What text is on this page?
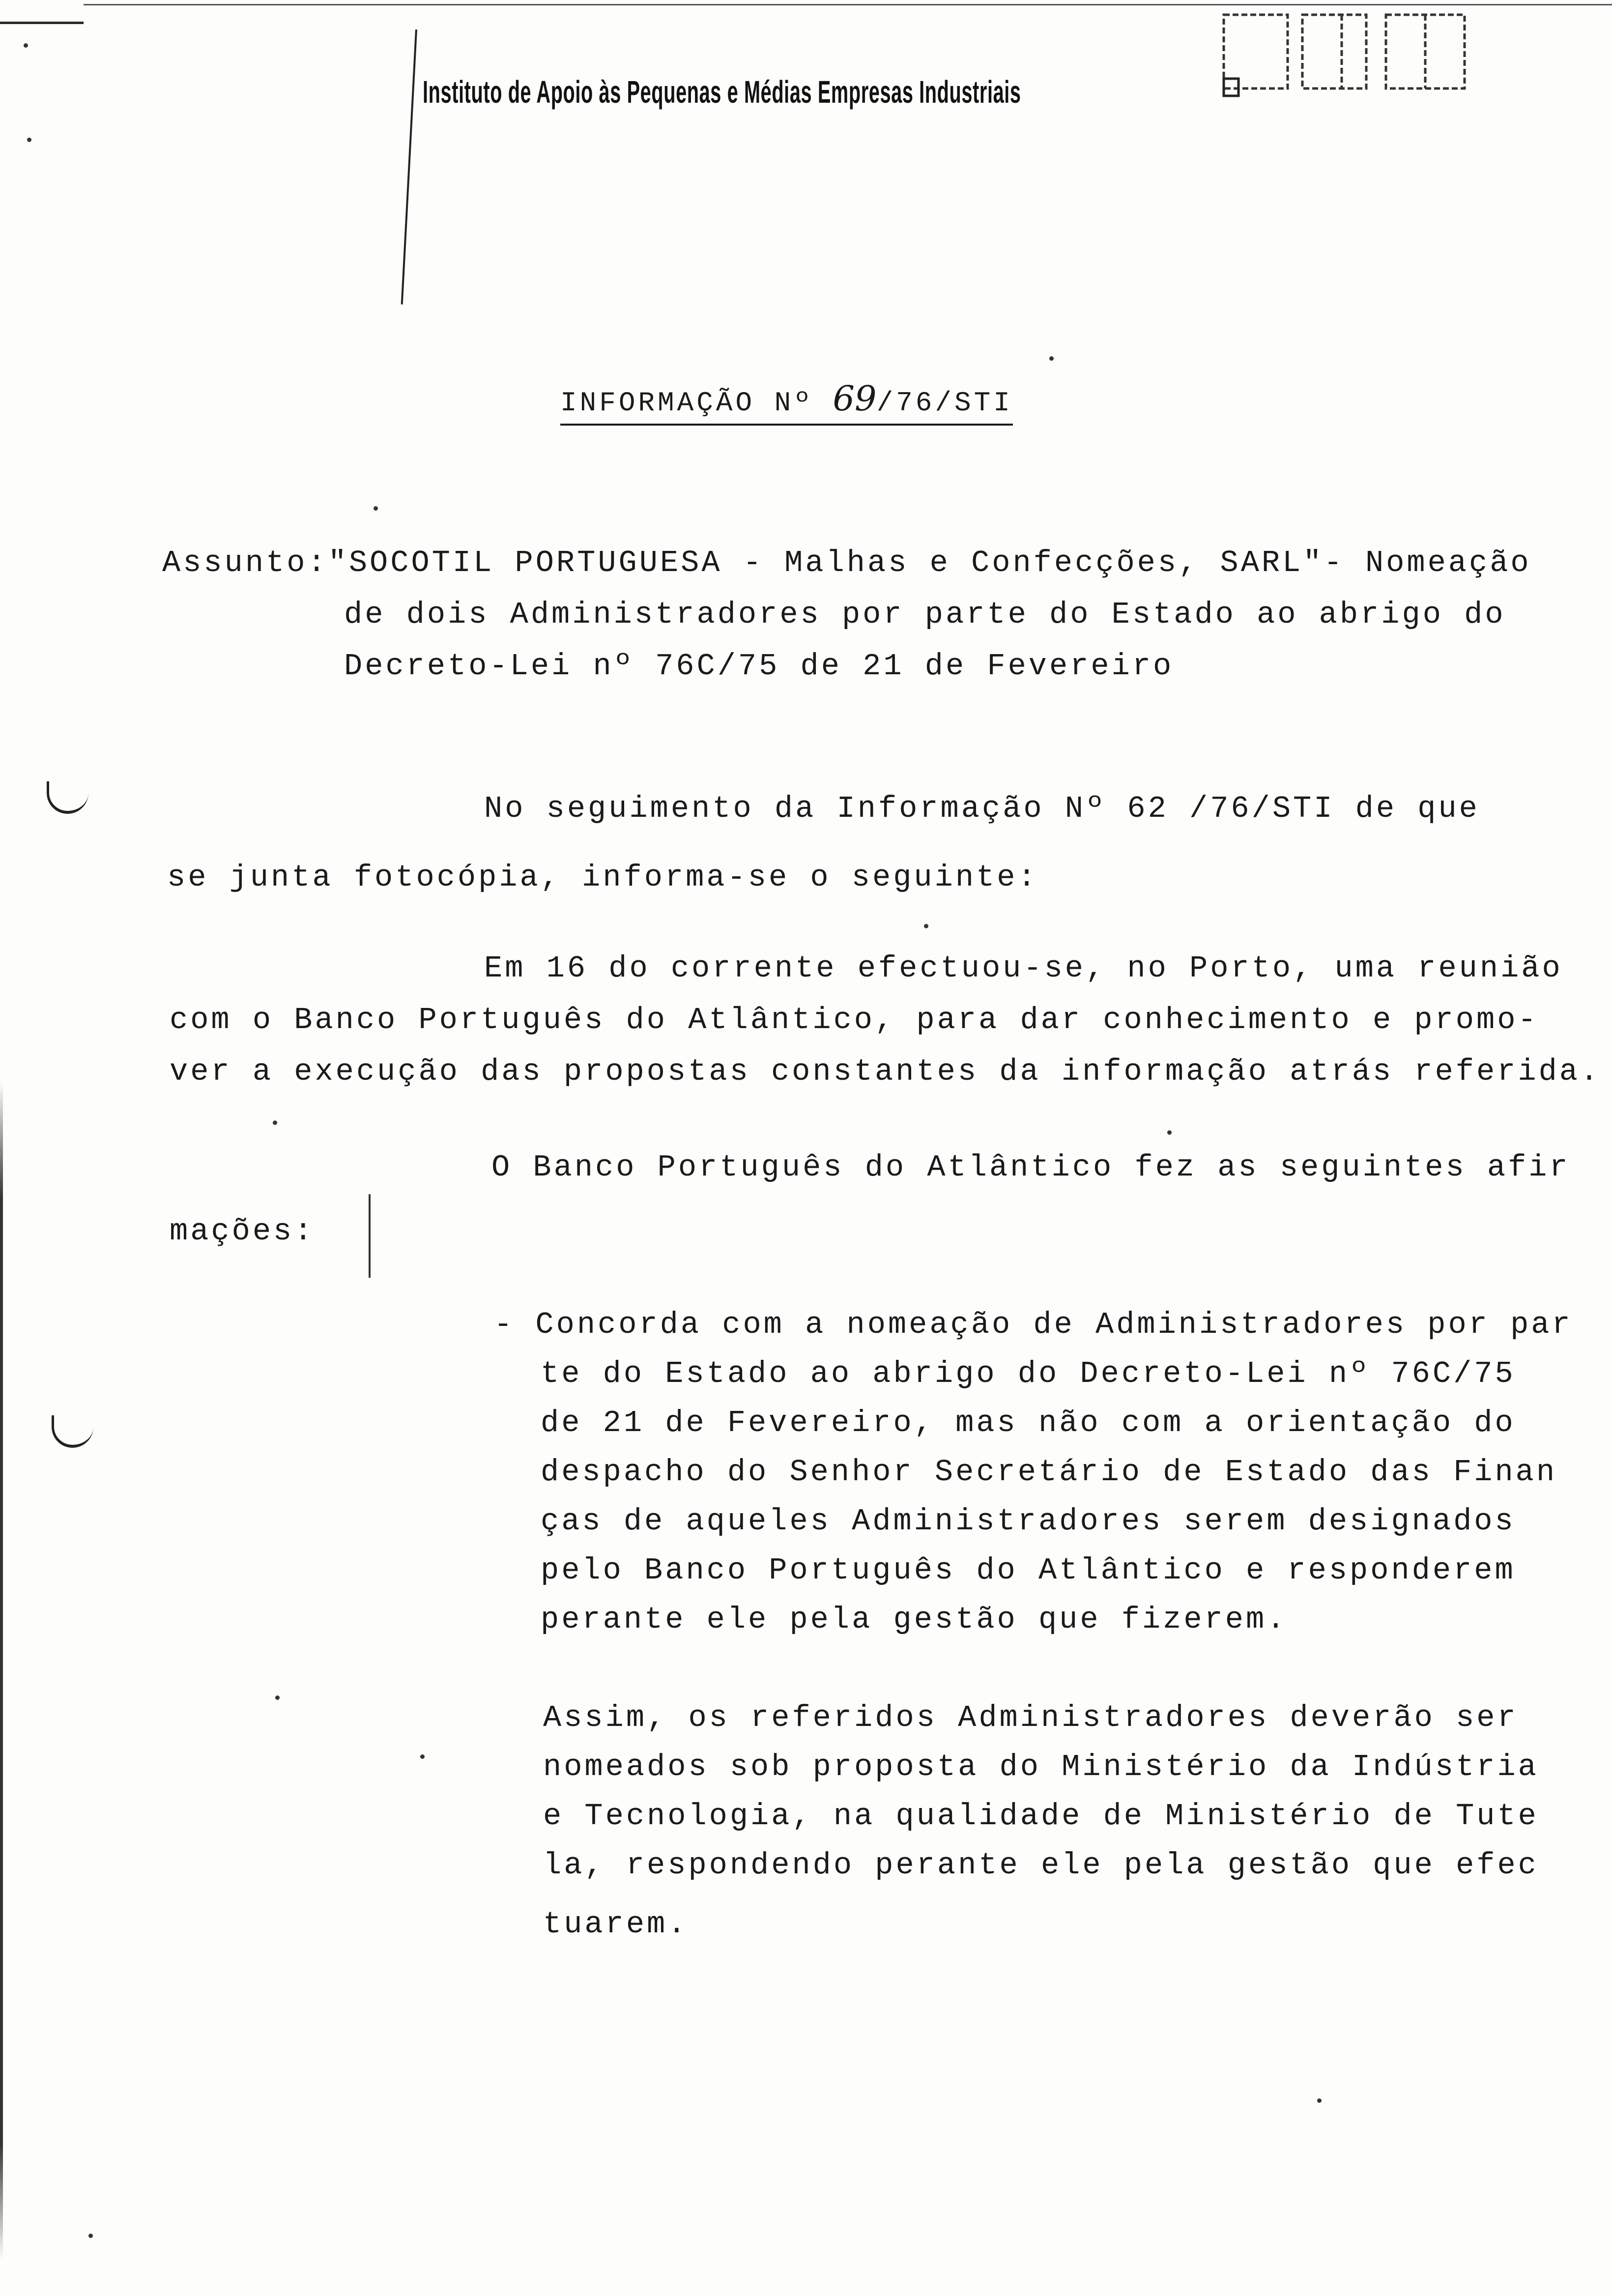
Instituto de Apoio às Pequenas e Médias Empresas Industriais
INFORMAÇÃO Nº 69/76/STI
Assunto:"SOCOTIL PORTUGUESA - Malhas e Confecções, SARL"- Nomeação
de dois Administradores por parte do Estado ao abrigo do
Decreto-Lei nº 76C/75 de 21 de Fevereiro
No seguimento da Informação Nº 62 /76/STI de que
se junta fotocópia, informa-se o seguinte:
Em 16 do corrente efectuou-se, no Porto, uma reunião
com o Banco Português do Atlântico, para dar conhecimento e promo-
ver a execução das propostas constantes da informação atrás referida.
O Banco Português do Atlântico fez as seguintes afir
mações:
- Concorda com a nomeação de Administradores por par
te do Estado ao abrigo do Decreto-Lei nº 76C/75
de 21 de Fevereiro, mas não com a orientação do
despacho do Senhor Secretário de Estado das Finan
ças de aqueles Administradores serem designados
pelo Banco Português do Atlântico e responderem
perante ele pela gestão que fizerem.
Assim, os referidos Administradores deverão ser
nomeados sob proposta do Ministério da Indústria
e Tecnologia, na qualidade de Ministério de Tute
la, respondendo perante ele pela gestão que efec
tuarem.
